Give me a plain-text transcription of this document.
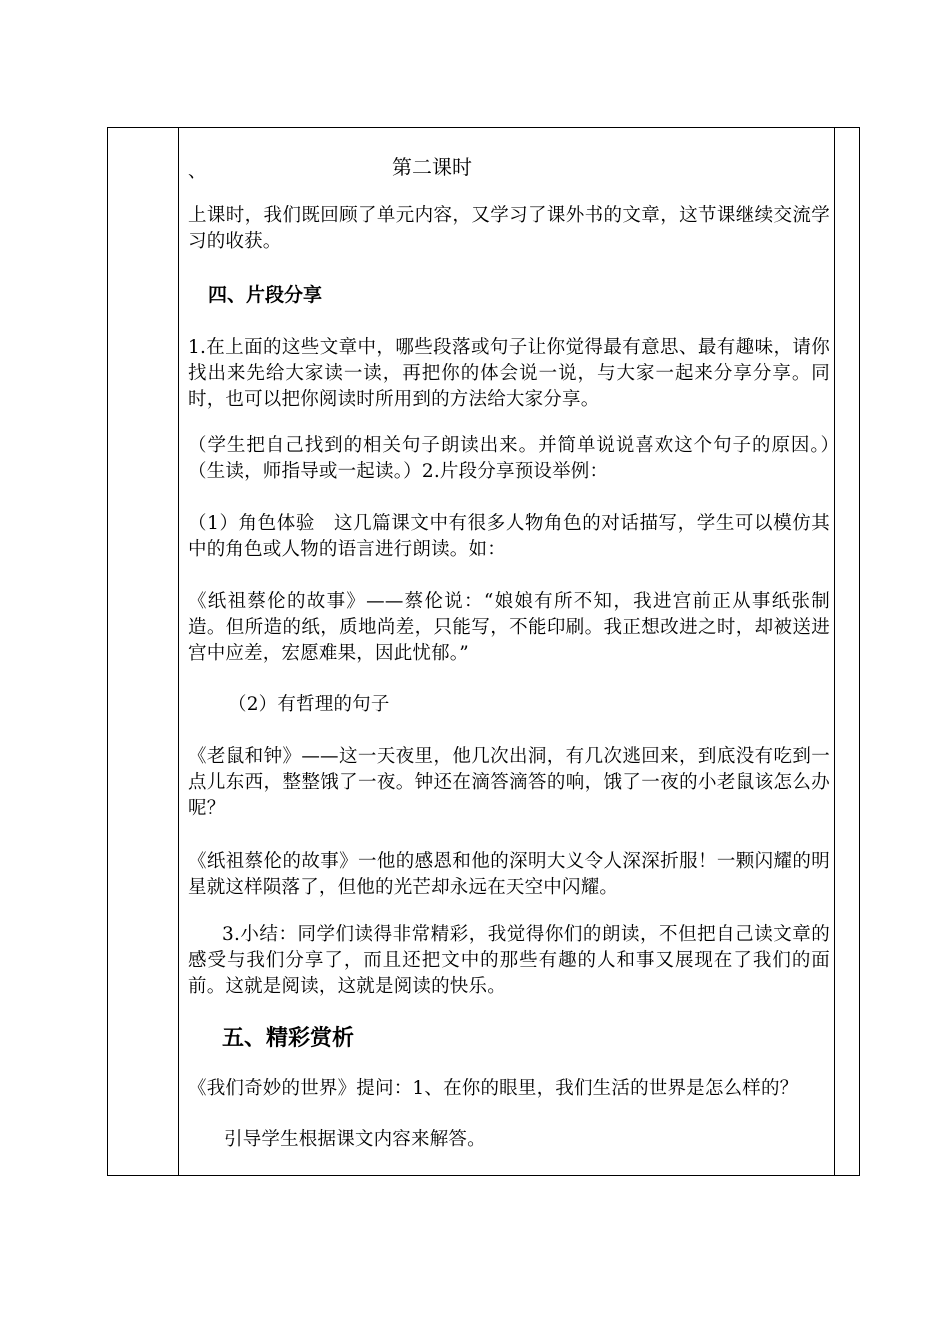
、	第二课时

上课时，我们既回顾了单元内容，又学习了课外书的文章，这节课继续交流学习的收获。

四、片段分享

1.在上面的这些文章中，哪些段落或句子让你觉得最有意思、最有趣味，请你找出来先给大家读一读，再把你的体会说一说，与大家一起来分享分享。同时，也可以把你阅读时所用到的方法给大家分享。

（学生把自己找到的相关句子朗读出来。并简单说说喜欢这个句子的原因。）　（生读，师指导或一起读。）2.片段分享预设举例：

（1）角色体验　这几篇课文中有很多人物角色的对话描写，学生可以模仿其中的角色或人物的语言进行朗读。如：

《纸祖蔡伦的故事》——蔡伦说：“娘娘有所不知，我进宫前正从事纸张制造。但所造的纸，质地尚差，只能写，不能印刷。我正想改进之时，却被送进宫中应差，宏愿难果，因此忧郁。”

（2）有哲理的句子

《老鼠和钟》——这一天夜里，他几次出洞，有几次逃回来，到底没有吃到一点儿东西，整整饿了一夜。钟还在滴答滴答的响，饿了一夜的小老鼠该怎么办呢？

《纸祖蔡伦的故事》一他的感恩和他的深明大义令人深深折服！一颗闪耀的明星就这样陨落了，但他的光芒却永远在天空中闪耀。

3.小结：同学们读得非常精彩，我觉得你们的朗读，不但把自己读文章的感受与我们分享了，而且还把文中的那些有趣的人和事又展现在了我们的面前。这就是阅读，这就是阅读的快乐。

五、精彩赏析

《我们奇妙的世界》提问：1、在你的眼里，我们生活的世界是怎么样的？

引导学生根据课文内容来解答。
